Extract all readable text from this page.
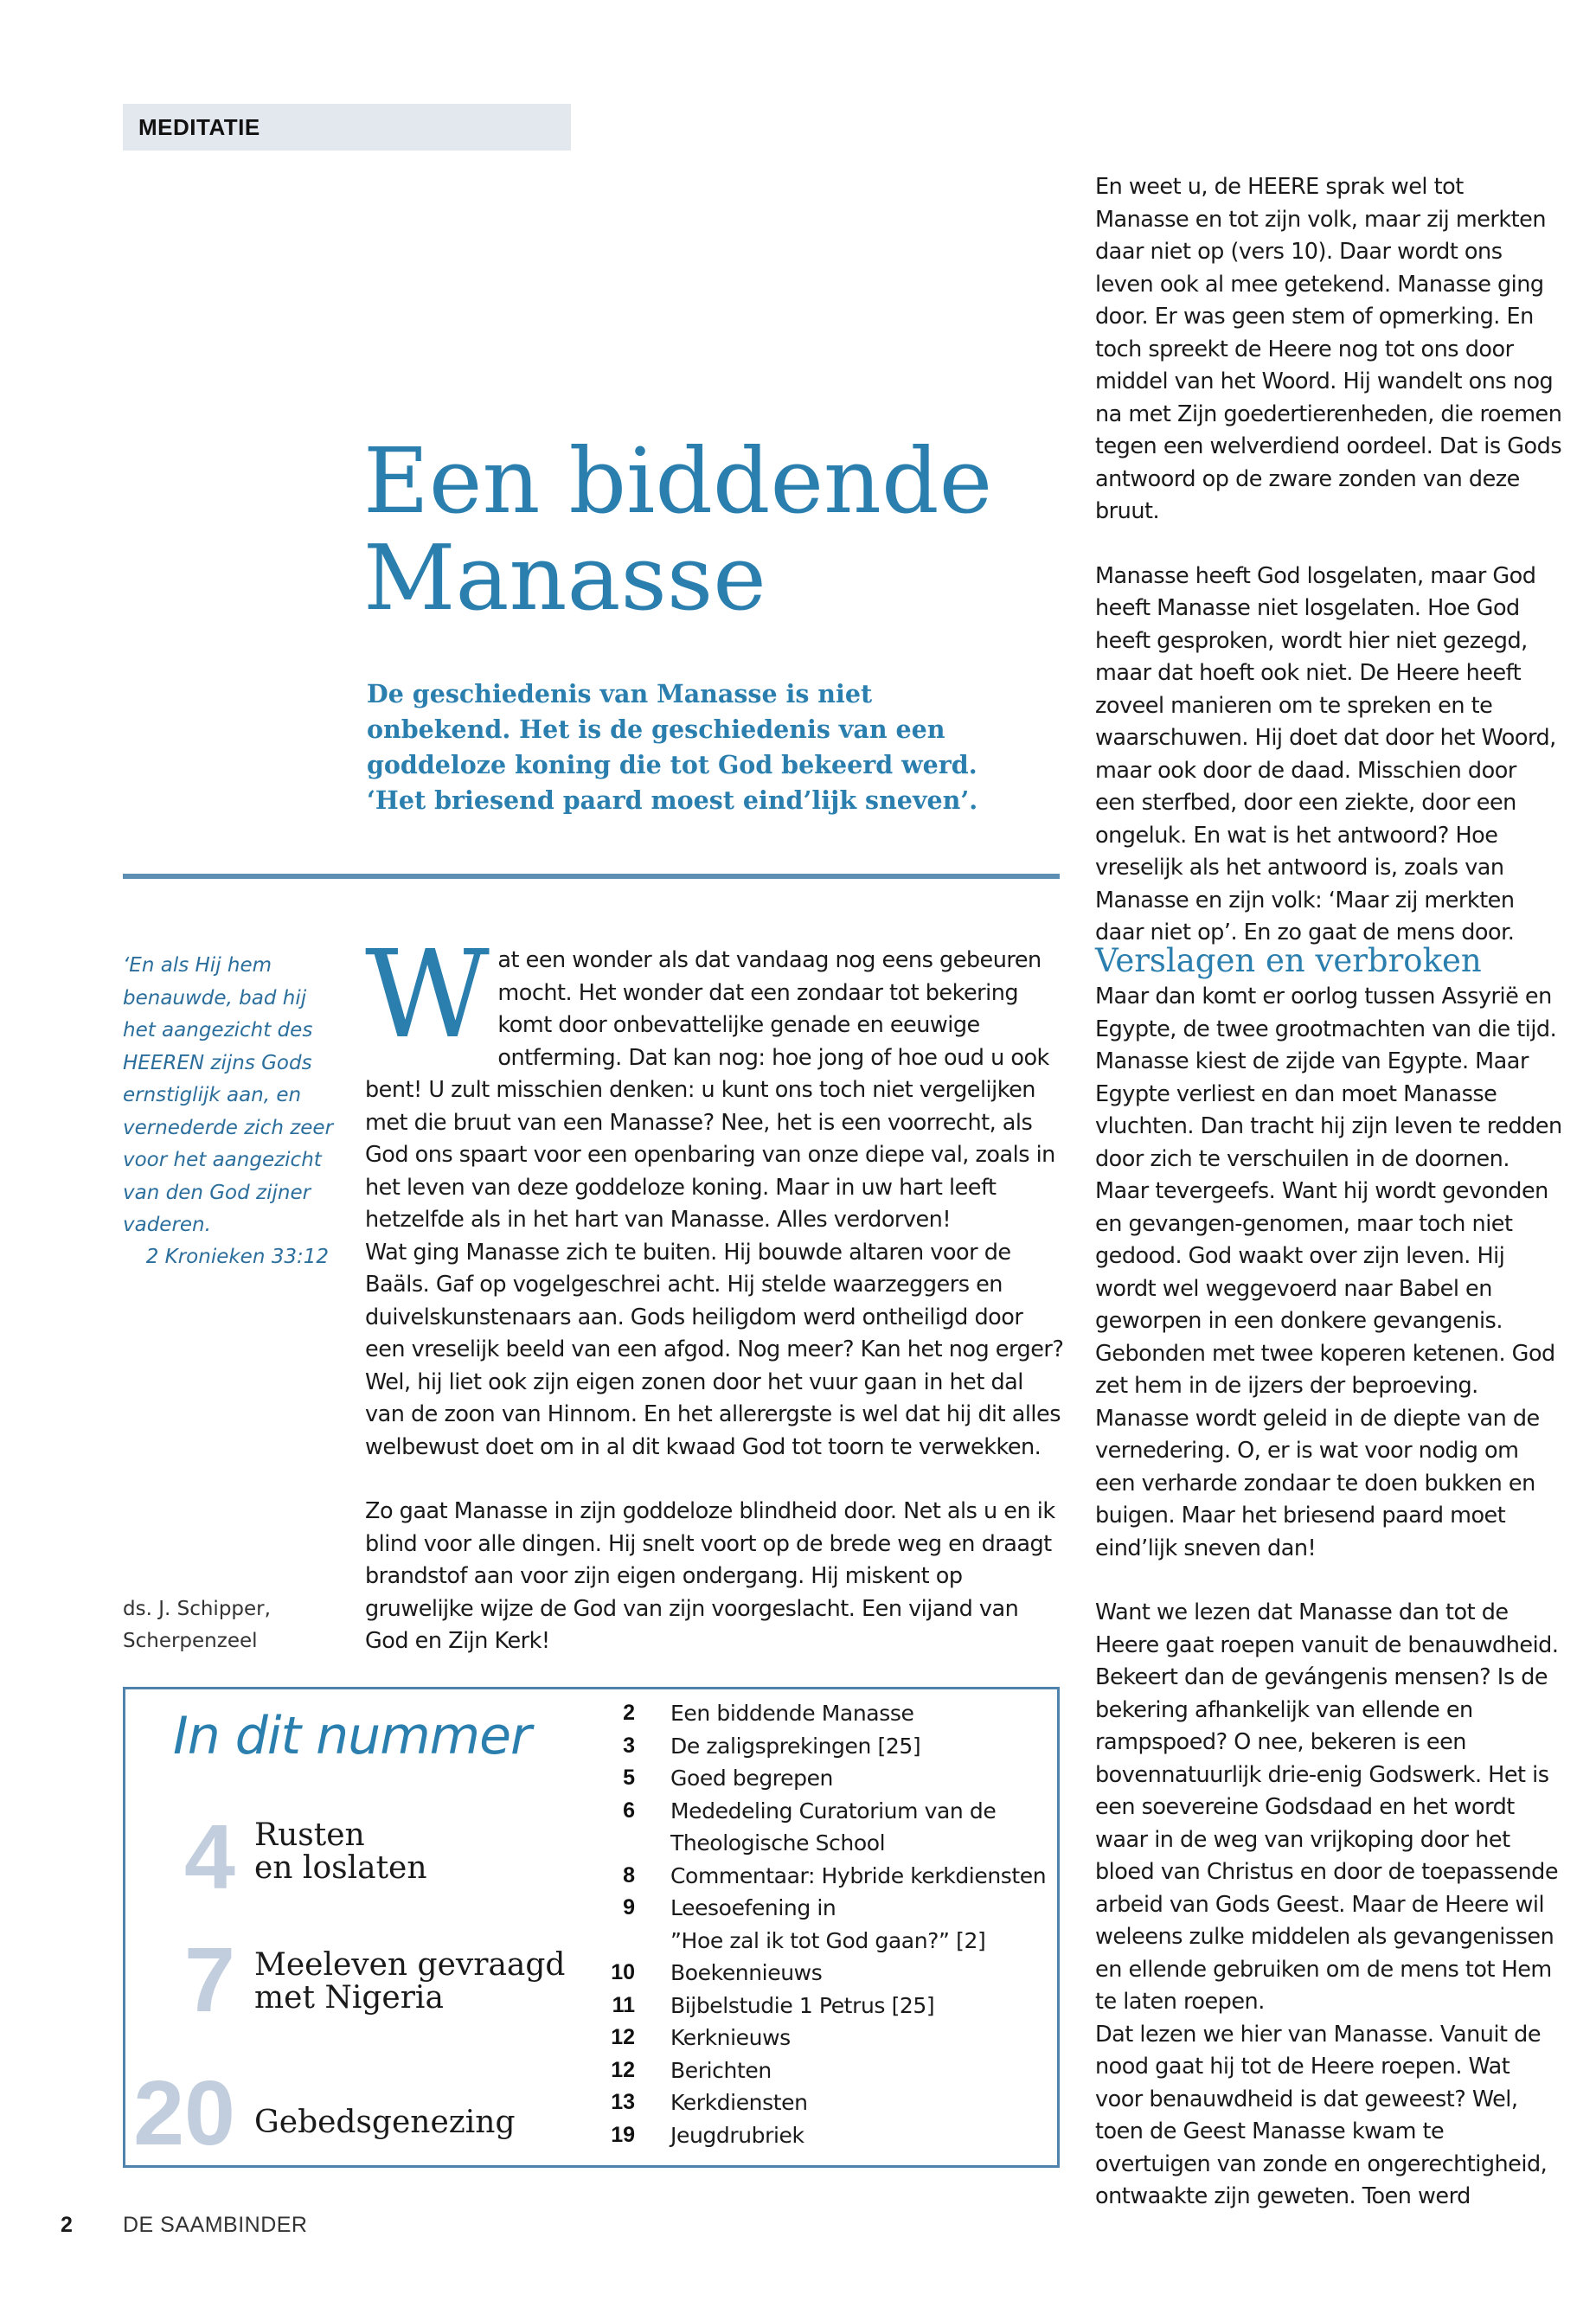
MEDITATIE
Een biddende
Manasse

De geschiedenis van Manasse is niet onbekend. Het is de geschiedenis van een goddeloze koning die tot God bekeerd werd. ‘Het briesend paard moest eind’lijk sneven’.

‘En als Hij hem benauwde, bad hij het aangezicht des HEEREN zijns Gods ernstiglijk aan, en vernederde zich zeer voor het aangezicht van den God zijner vaderen.

2 Kronieken 33:12
ds. J. Schipper,
Scherpenzeel

Wat een wonder als dat vandaag nog eens gebeuren mocht. Het wonder dat een zondaar tot bekering komt door onbevattelijke genade en eeuwige ontferming. Dat kan nog: hoe jong of hoe oud u ook bent! U zult misschien denken: u kunt ons toch niet vergelijken met die bruut van een Manasse? Nee, het is een voorrecht, als God ons spaart voor een openbaring van onze diepe val, zoals in het leven van deze goddeloze koning. Maar in uw hart leeft hetzelfde als in het hart van Manasse. Alles verdorven!

Wat ging Manasse zich te buiten. Hij bouwde altaren voor de Baäls. Gaf op vogelgeschrei acht. Hij stelde waarzeggers en duivelskunstenaars aan. Gods heiligdom werd ontheiligd door een vreselijk beeld van een afgod. Nog meer? Kan het nog erger? Wel, hij liet ook zijn eigen zonen door het vuur gaan in het dal van de zoon van Hinnom. En het allerergste is wel dat hij dit alles welbewust doet om in al dit kwaad God tot toorn te verwekken.

Zo gaat Manasse in zijn goddeloze blindheid door. Net als u en ik blind voor alle dingen. Hij snelt voort op de brede weg en draagt brandstof aan voor zijn eigen ondergang. Hij miskent op gruwelijke wijze de God van zijn voorgeslacht. Een vijand van God en Zijn Kerk!

En weet u, de HEERE sprak wel tot Manasse en tot zijn volk, maar zij merkten daar niet op (vers 10). Daar wordt ons leven ook al mee getekend. Manasse ging door. Er was geen stem of opmerking. En toch spreekt de Heere nog tot ons door middel van het Woord. Hij wandelt ons nog na met Zijn goedertierenheden, die roemen tegen een welverdiend oordeel. Dat is Gods antwoord op de zware zonden van deze bruut.

Manasse heeft God losgelaten, maar God heeft Manasse niet losgelaten. Hoe God heeft gesproken, wordt hier niet gezegd, maar dat hoeft ook niet. De Heere heeft zoveel manieren om te spreken en te waarschuwen. Hij doet dat door het Woord, maar ook door de daad. Misschien door een sterfbed, door een ziekte, door een ongeluk. En wat is het antwoord? Hoe vreselijk als het antwoord is, zoals van Manasse en zijn volk: ‘Maar zij merkten daar niet op’. En zo gaat de mens door.

Verslagen en verbroken

Maar dan komt er oorlog tussen Assyrië en Egypte, de twee grootmachten van die tijd. Manasse kiest de zijde van Egypte. Maar Egypte verliest en dan moet Manasse vluchten. Dan tracht hij zijn leven te redden door zich te verschuilen in de doornen. Maar tevergeefs. Want hij wordt gevonden en gevangen-genomen, maar toch niet gedood. God waakt over zijn leven. Hij wordt wel weggevoerd naar Babel en geworpen in een donkere gevangenis. Gebonden met twee koperen ketenen. God zet hem in de ijzers der beproeving. Manasse wordt geleid in de diepte van de vernedering. O, er is wat voor nodig om een verharde zondaar te doen bukken en buigen. Maar het briesend paard moet eind’lijk sneven dan!

Want we lezen dat Manasse dan tot de Heere gaat roepen vanuit de benauwdheid. Bekeert dan de gevángenis mensen? Is de bekering afhankelijk van ellende en rampspoed? O nee, bekeren is een bovennatuurlijk drie-enig Godswerk. Het is een soevereine Godsdaad en het wordt waar in de weg van vrijkoping door het bloed van Christus en door de toepassende arbeid van Gods Geest. Maar de Heere wil weleens zulke middelen als gevangenissen en ellende gebruiken om de mens tot Hem te laten roepen.

Dat lezen we hier van Manasse. Vanuit de nood gaat hij tot de Heere roepen. Wat voor benauwdheid is dat geweest? Wel, toen de Geest Manasse kwam te overtuigen van zonde en ongerechtigheid, ontwaakte zijn geweten. Toen werd

In dit nummer
4 Rusten
en loslaten
7 Meeleven gevraagd
met Nigeria
20 Gebedsgenezing
2 Een biddende Manasse
3 De zaligsprekingen [25]
5 Goed begrepen
6 Mededeling Curatorium van de
Theologische School
8 Commentaar: Hybride kerkdiensten
9 Leesoefening in
”Hoe zal ik tot God gaan?” [2]
10 Boekennieuws
11 Bijbelstudie 1 Petrus [25]
12 Kerknieuws
12 Berichten
13 Kerkdiensten
19 Jeugdrubriek
2 DE SAAMBINDER
